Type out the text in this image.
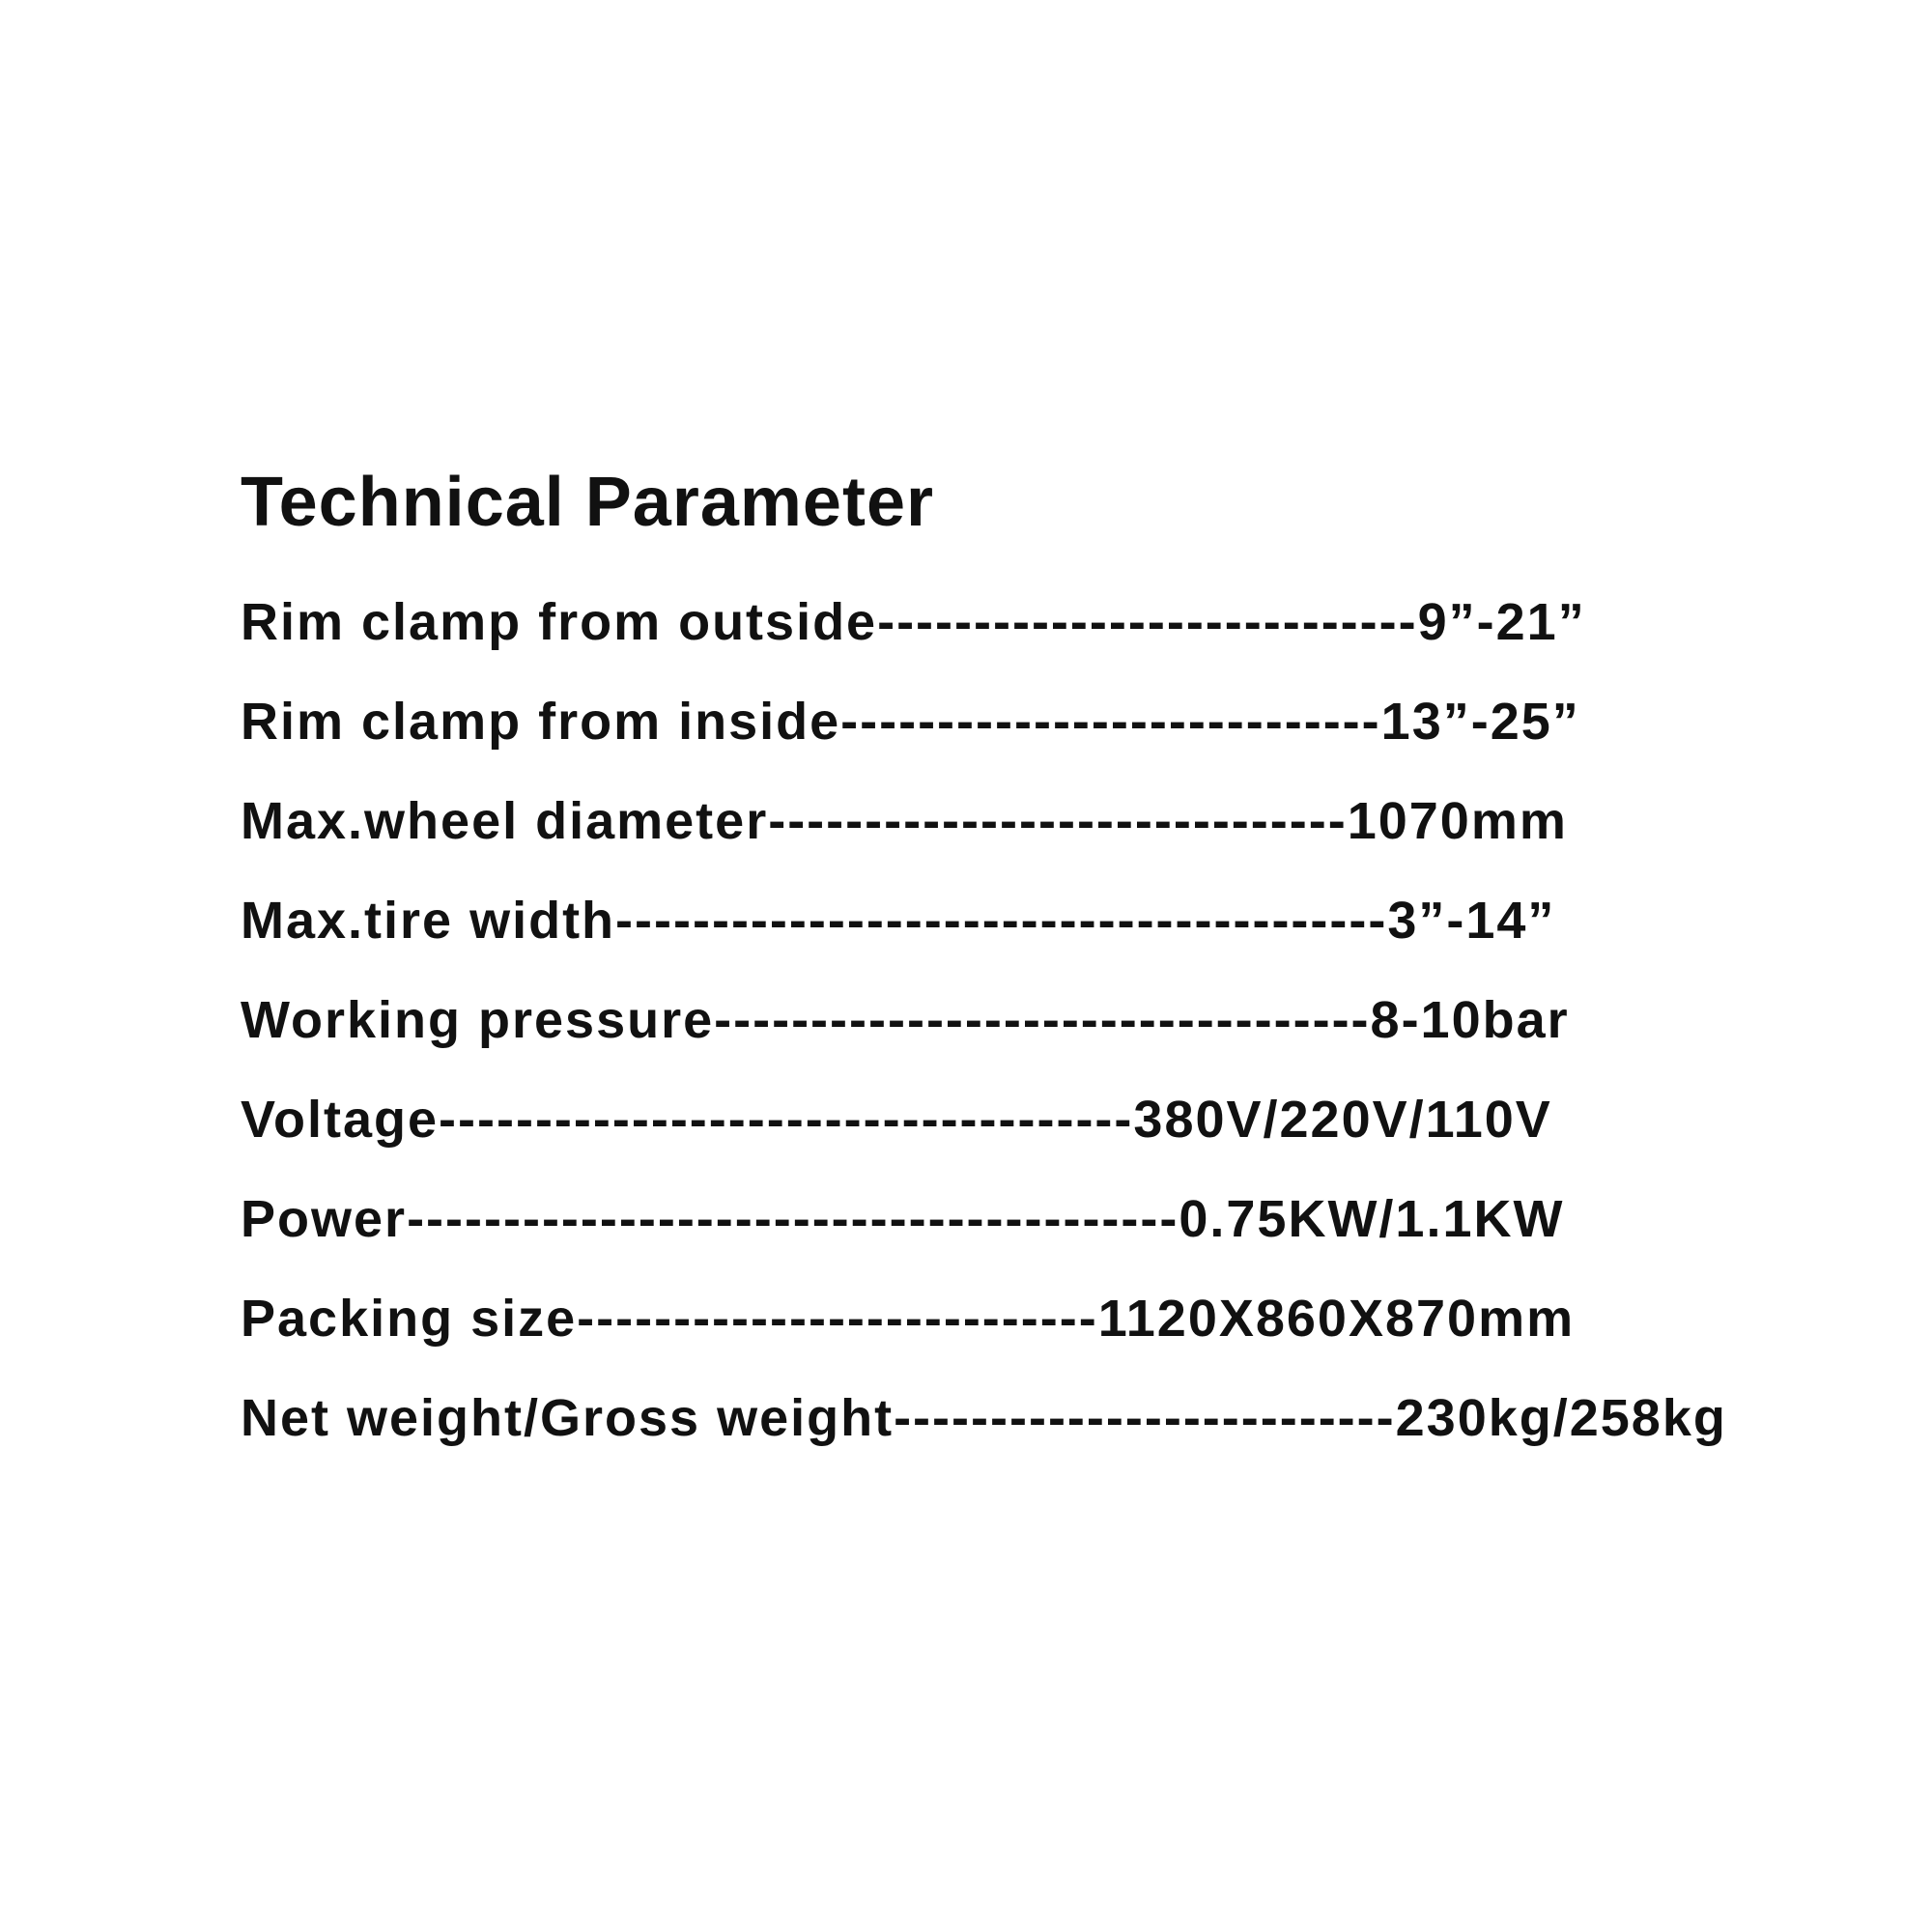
Technical Parameter
Rim clamp from outside----------------------------9”-21”
Rim clamp from inside----------------------------13”-25”
Max.wheel diameter------------------------------1070mm
Max.tire width----------------------------------------3”-14”
Working pressure----------------------------------8-10bar
Voltage------------------------------------380V/220V/110V
Power----------------------------------------0.75KW/1.1KW
Packing size---------------------------1120X860X870mm
Net weight/Gross weight--------------------------230kg/258kg
